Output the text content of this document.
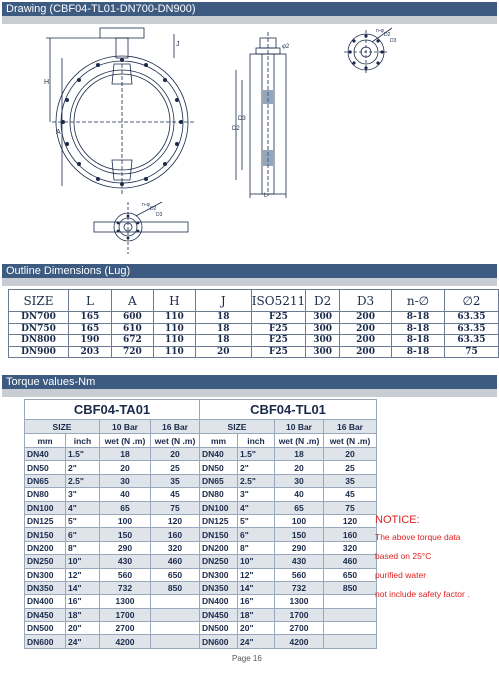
Drawing (CBF04-TL01-DN700-DN900)
H
A
J	φ2
L
D2
D3
n-φ
D2
D3
n-φ
D2
D3
Outline Dimensions (Lug)
SIZE	L	A	H	J	ISO5211	D2	D3	n-∅	∅2
DN700	165	600	110	18	F25	300	200	8-18	63.35
DN750	165	610	110	18	F25	300	200	8-18	63.35
DN800	190	672	110	18	F25	300	200	8-18	63.35
DN900	203	720	110	20	F25	300	200	8-18	75
Torque values-Nm
CBF04-TA01				CBF04-TL01			
SIZE		10 Bar	16 Bar	SIZE		10 Bar	16 Bar
mm	inch	wet (N .m)	wet (N .m)	mm	inch	wet (N .m)	wet (N .m)
DN40	1.5"	18	20	DN40	1.5"	18	20
DN50	2"	20	25	DN50	2"	20	25
DN65	2.5"	30	35	DN65	2.5"	30	35
DN80	3"	40	45	DN80	3"	40	45
DN100	4"	65	75	DN100	4"	65	75
DN125	5"	100	120	DN125	5"	100	120
DN150	6"	150	160	DN150	6"	150	160
DN200	8"	290	320	DN200	8"	290	320
DN250	10"	430	460	DN250	10"	430	460
DN300	12"	560	650	DN300	12"	560	650
DN350	14"	732	850	DN350	14"	732	850
DN400	16"	1300		DN400	16"	1300	
DN450	18"	1700		DN450	18"	1700	
DN500	20"	2700		DN500	20"	2700	
DN600	24"	4200		DN600	24"	4200	
NOTICE:

The above torque data

based on 25°C

purified water

not include safety factor .

Page 16
